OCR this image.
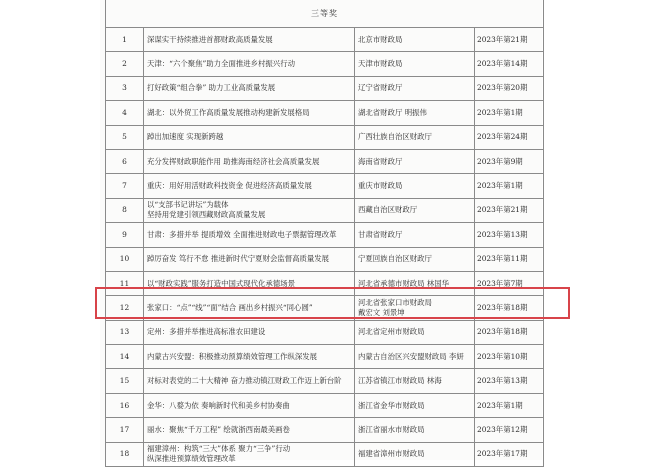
三等奖			
1	深谋实干持续推进首都财政高质量发展	北京市财政局	2023年第21期
2	天津：“六个聚焦”助力全面推进乡村振兴行动	天津市财政局	2023年第14期
3	打好政策“组合拳” 助力工业高质量发展	辽宁省财政厅	2023年第20期
4	湖北：以外贸工作高质量发展推动构建新发展格局	湖北省财政厅 明振伟	2023年第1期
5	踔出加速度 实现新跨越	广西壮族自治区财政厅	2023年第24期
6	充分发挥财政职能作用 助推海南经济社会高质量发展	海南省财政厅	2023年第9期
7	重庆：用好用活财政科技资金 促进经济高质量发展	重庆市财政局	2023年第1期
8	以“支部书记讲坛”为载体
坚持用党建引领西藏财政高质量发展	西藏自治区财政厅	2023年第21期
9	甘肃：多措并举 提质增效 全面推进财政电子票据管理改革	甘肃省财政厅	2023年第13期
10	踔厉奋发 笃行不怠 推进新时代宁夏财会监督高质量发展	宁夏回族自治区财政厅	2023年第11期
11	以“财政实践”服务打造中国式现代化承德场景	河北省承德市财政局 林国华	2023年第7期
12	张家口：“点”“线”“面”结合 画出乡村振兴“同心圆”	河北省张家口市财政局
戴宏文 刘景坤	2023年第18期
13	定州：多措并举推进高标准农田建设	河北省定州市财政局	2023年第18期
14	内蒙古兴安盟：积极推动预算绩效管理工作纵深发展	内蒙古自治区兴安盟财政局 李妍	2023年第10期
15	对标对表党的二十大精神 奋力推动镇江财政工作迈上新台阶	江苏省镇江市财政局 林海	2023年第13期
16	金华：八婺为依 奏响新时代和美乡村协奏曲	浙江省金华市财政局	2023年第1期
17	丽水：聚焦“千万工程” 绘就浙西南最美画卷	浙江省丽水市财政局	2023年第12期
18	福建漳州：构筑“三大”体系 聚力“三争”行动
纵深推进预算绩效管理改革	福建省漳州市财政局	2023年第17期
